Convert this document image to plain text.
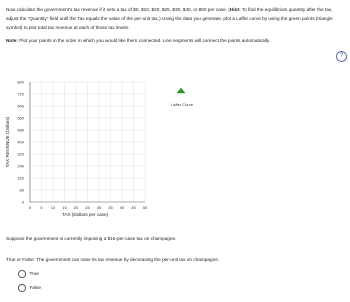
Now calculate the government's tax revenue if it sets a tax of $0, $10, $20, $25, $30, $40, or $50 per case. (Hint: To find the equilibrium quantity after the tax, adjust the "Quantity" field until the Tax equals the value of the per-unit tax.) Using the data you generate, plot a Laffer curve by using the green points (triangle symbol) to plot total tax revenue at each of those tax levels.

Note: Plot your points in the order in which you would like them connected. Line segments will connect the points automatically.

?
0 5 10 15 20 25 30 35 40 45 50
0
80
160
240
320
400
480
560
640
720
800
TAX (Dollars per case)
TAX REVENUE (Dollars)
Laffer Curve

Suppose the government is currently imposing a $15-per-case tax on champagne.

True or False: The government can raise its tax revenue by decreasing the per-unit tax on champagne.

True
False
